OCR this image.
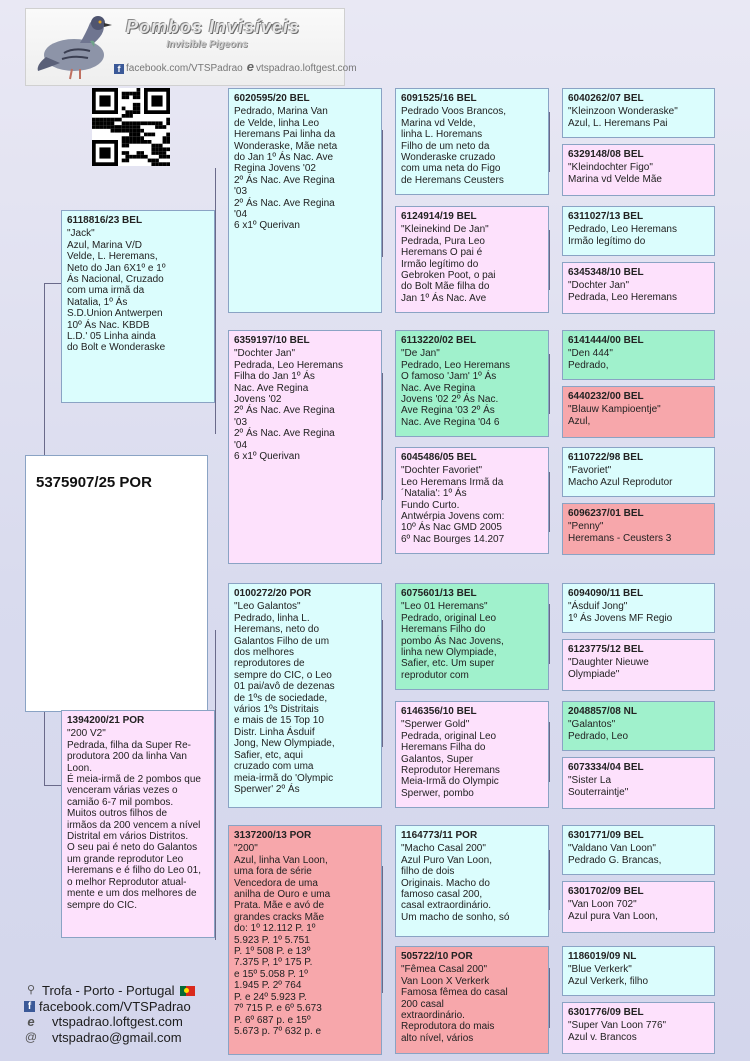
Pombos Invisíveis
Invisible Pigeons
f facebook.com/VTSPadrao e vtspadrao.loftgest.com
5375907/25 POR
6118816/23 BEL
"Jack"
Azul, Marina V/D
Velde, L. Heremans,
Neto do Jan 6X1º e 1º
Ás Nacional, Cruzado
com uma irmã da
Natalia, 1º Ás
S.D.Union Antwerpen
10º Ás Nac. KBDB
L.D.' 05 Linha ainda
do Bolt e Wonderaske
1394200/21 POR
"200 V2"
Pedrada, filha da Super Re-
produtora 200 da linha Van
Loon.
É meia-irmã de 2 pombos que
venceram várias vezes o
camião 6-7 mil pombos.
Muitos outros filhos de
irmãos da 200 vencem a nível
Distrital em vários Distritos.
O seu pai é neto do Galantos
um grande reprodutor Leo
Heremans e é filho do Leo 01,
o melhor Reprodutor atual-
mente e um dos melhores de
sempre do CIC.
6020595/20 BEL
Pedrado, Marina Van
de Velde, linha Leo
Heremans Pai linha da
Wonderaske, Mãe neta
do Jan 1º Ás Nac. Ave
Regina Jovens '02
2º Ás Nac. Ave Regina
'03
2º Ás Nac. Ave Regina
'04
6 x1º Querivan
6359197/10 BEL
"Dochter Jan"
Pedrada, Leo Heremans
Filha do Jan 1º Ás
Nac. Ave Regina
Jovens '02
2º Ás Nac. Ave Regina
'03
2º Ás Nac. Ave Regina
'04
6 x1º Querivan
0100272/20 POR
"Leo Galantos"
Pedrado, linha L.
Heremans, neto do
Galantos Filho de um
dos melhores
reprodutores de
sempre do CIC, o Leo
01 pai/avô de dezenas
de 1ºs de sociedade,
vários 1ºs Distritais
e mais de 15 Top 10
Distr. Linha Ásduif
Jong, New Olympiade,
Safier, etc, aqui
cruzado com uma
meia-irmã do 'Olympic
Sperwer' 2º Ás
3137200/13 POR
"200"
Azul, linha Van Loon,
uma fora de série
Vencedora de uma
anilha de Ouro e uma
Prata. Mãe e avó de
grandes cracks Mãe
do: 1º 12.112 P. 1º
5.923 P. 1º 5.751
P. 1º 508 P. e 13º
7.375 P, 1º 175 P.
e 15º 5.058 P. 1º
1.945 P. 2º 764
P. e 24º 5.923 P.
7º 715 P. e 6º 5.673
P. 6º 687 p. e 15º
5.673 p. 7º 632 p. e
6091525/16 BEL
Pedrado Voos Brancos,
Marina vd Velde,
linha L. Horemans
Filho de um neto da
Wonderaske cruzado
com uma neta do Figo
de Heremans Ceusters
6124914/19 BEL
"Kleinekind De Jan"
Pedrada, Pura Leo
Heremans O pai é
Irmão legítimo do
Gebroken Poot, o pai
do Bolt Mãe filha do
Jan 1º Ás Nac. Ave
6113220/02 BEL
"De Jan"
Pedrado, Leo Heremans
O famoso 'Jam' 1º Ás
Nac. Ave Regina
Jovens '02 2º Ás Nac.
Ave Regina '03 2º Ás
Nac. Ave Regina '04 6
6045486/05 BEL
"Dochter Favoriet"
Leo Heremans Irmã da
´Natalia': 1º Ás
Fundo Curto.
Antwérpia Jovens com:
10º Ás Nac GMD 2005
6º Nac Bourges 14.207
6075601/13 BEL
"Leo 01 Heremans"
Pedrado, original Leo
Heremans Filho do
pombo Ás Nac Jovens,
linha new Olympiade,
Safier, etc. Um super
reprodutor com
6146356/10 BEL
"Sperwer Gold"
Pedrada, original Leo
Heremans Filha do
Galantos, Super
Reprodutor Heremans
Meia-Irmã do Olympic
Sperwer, pombo
1164773/11 POR
"Macho Casal 200"
Azul Puro Van Loon,
filho de dois
Originais. Macho do
famoso casal 200,
casal extraordinário.
Um macho de sonho, só
505722/10 POR
"Fêmea Casal 200"
Van Loon X Verkerk
Famosa fêmea do casal
200 casal
extraordinário.
Reprodutora do mais
alto nível, vários
6040262/07 BEL
"Kleinzoon Wonderaske"
Azul, L. Heremans Pai
6329148/08 BEL
"Kleindochter Figo"
Marina vd Velde Mãe
6311027/13 BEL
Pedrado, Leo Heremans
Irmão legítimo do
6345348/10 BEL
"Dochter Jan"
Pedrada, Leo Heremans
6141444/00 BEL
"Den 444"
Pedrado,
6440232/00 BEL
"Blauw Kampioentje"
Azul,
6110722/98 BEL
"Favoriet"
Macho Azul Reprodutor
6096237/01 BEL
"Penny"
Heremans - Ceusters 3
6094090/11 BEL
"Ásduif Jong"
1º Ás Jovens MF Regio
6123775/12 BEL
"Daughter Nieuwe
Olympiade"
2048857/08 NL
"Galantos"
Pedrado, Leo
6073334/04 BEL
"Sister La
Souterraintje"
6301771/09 BEL
"Valdano Van Loon"
Pedrado G. Brancas,
6301702/09 BEL
"Van Loon 702"
Azul pura Van Loon,
1186019/09 NL
"Blue Verkerk"
Azul Verkerk, filho
6301776/09 BEL
"Super Van Loon 776"
Azul v. Brancos
⚲ Trofa - Porto - Portugal
f facebook.com/VTSPadrao
e vtspadrao.loftgest.com
@ vtspadrao@gmail.com
